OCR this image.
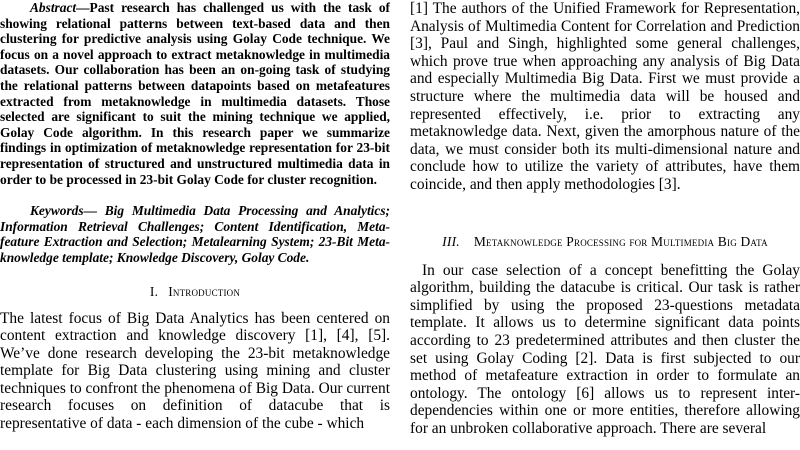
Abstract—Past research has challenged us with the task of showing relational patterns between text-based data and then clustering for predictive analysis using Golay Code technique. We focus on a novel approach to extract metaknowledge in multimedia datasets. Our collaboration has been an on-going task of studying the relational patterns between datapoints based on metafeatures extracted from metaknowledge in multimedia datasets. Those selected are significant to suit the mining technique we applied, Golay Code algorithm. In this research paper we summarize findings in optimization of metaknowledge representation for 23-bit representation of structured and unstructured multimedia data in order to be processed in 23-bit Golay Code for cluster recognition.

Keywords— Big Multimedia Data Processing and Analytics; Information Retrieval Challenges; Content Identification, Meta-feature Extraction and Selection; Metalearning System; 23-Bit Meta-knowledge template; Knowledge Discovery, Golay Code.

I. Introduction

The latest focus of Big Data Analytics has been centered on content extraction and knowledge discovery [1], [4], [5]. We’ve done research developing the 23-bit metaknowledge template for Big Data clustering using mining and cluster techniques to confront the phenomena of Big Data. Our current research focuses on definition of datacube that is representative of data - each dimension of the cube - which

[1] The authors of the Unified Framework for Representation, Analysis of Multimedia Content for Correlation and Prediction [3], Paul and Singh, highlighted some general challenges, which prove true when approaching any analysis of Big Data and especially Multimedia Big Data. First we must provide a structure where the multimedia data will be housed and represented effectively, i.e. prior to extracting any metaknowledge data. Next, given the amorphous nature of the data, we must consider both its multi-dimensional nature and conclude how to utilize the variety of attributes, have them coincide, and then apply methodologies [3].

III. Metaknowledge Processing for Multimedia Big Data

In our case selection of a concept benefitting the Golay algorithm, building the datacube is critical. Our task is rather simplified by using the proposed 23-questions metadata template. It allows us to determine significant data points according to 23 predetermined attributes and then cluster the set using Golay Coding [2]. Data is first subjected to our method of metafeature extraction in order to formulate an ontology. The ontology [6] allows us to represent inter-dependencies within one or more entities, therefore allowing for an unbroken collaborative approach. There are several
